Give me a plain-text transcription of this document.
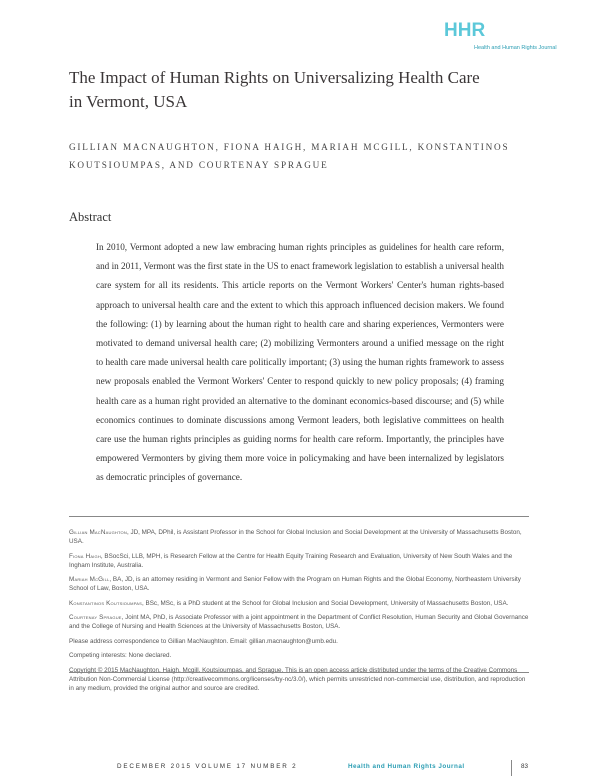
HHR
Health and Human Rights Journal
The Impact of Human Rights on Universalizing Health Care in Vermont, USA
GILLIAN MACNAUGHTON, FIONA HAIGH, MARIAH MCGILL, KONSTANTINOS KOUTSIOUMPAS, AND COURTENAY SPRAGUE
Abstract

In 2010, Vermont adopted a new law embracing human rights principles as guidelines for health care reform, and in 2011, Vermont was the first state in the US to enact framework legislation to establish a universal health care system for all its residents. This article reports on the Vermont Workers' Center's human rights-based approach to universal health care and the extent to which this approach influenced decision makers. We found the following: (1) by learning about the human right to health care and sharing experiences, Vermonters were motivated to demand universal health care; (2) mobilizing Vermonters around a unified message on the right to health care made universal health care politically important; (3) using the human rights framework to assess new proposals enabled the Vermont Workers' Center to respond quickly to new policy proposals; (4) framing health care as a human right provided an alternative to the dominant economics-based discourse; and (5) while economics continues to dominate discussions among Vermont leaders, both legislative committees on health care use the human rights principles as guiding norms for health care reform. Importantly, the principles have empowered Vermonters by giving them more voice in policymaking and have been internalized by legislators as democratic principles of governance.

Gillian MacNaughton, JD, MPA, DPhil, is Assistant Professor in the School for Global Inclusion and Social Development at the University of Massachusetts Boston, USA.

Fiona Haigh, BSocSci, LLB, MPH, is Research Fellow at the Centre for Health Equity Training Research and Evaluation, University of New South Wales and the Ingham Institute, Australia.

Mariah McGill, BA, JD, is an attorney residing in Vermont and Senior Fellow with the Program on Human Rights and the Global Economy, Northeastern University School of Law, Boston, USA.

Konstantinos Koutsioumpas, BSc, MSc, is a PhD student at the School for Global Inclusion and Social Development, University of Massachusetts Boston, USA.

Courtenay Sprague, Joint MA, PhD, is Associate Professor with a joint appointment in the Department of Conflict Resolution, Human Security and Global Governance and the College of Nursing and Health Sciences at the University of Massachusetts Boston, USA.

Please address correspondence to Gillian MacNaughton. Email: gillian.macnaughton@umb.edu.

Competing interests: None declared.

Copyright © 2015 MacNaughton, Haigh, Mcgill, Koutsioumpas, and Sprague. This is an open access article distributed under the terms of the Creative Commons Attribution Non-Commercial License (http://creativecommons.org/licenses/by-nc/3.0/), which permits unrestricted non-commercial use, distribution, and reproduction in any medium, provided the original author and source are credited.

DECEMBER 2015 VOLUME 17 NUMBER 2	Health and Human Rights Journal	83
